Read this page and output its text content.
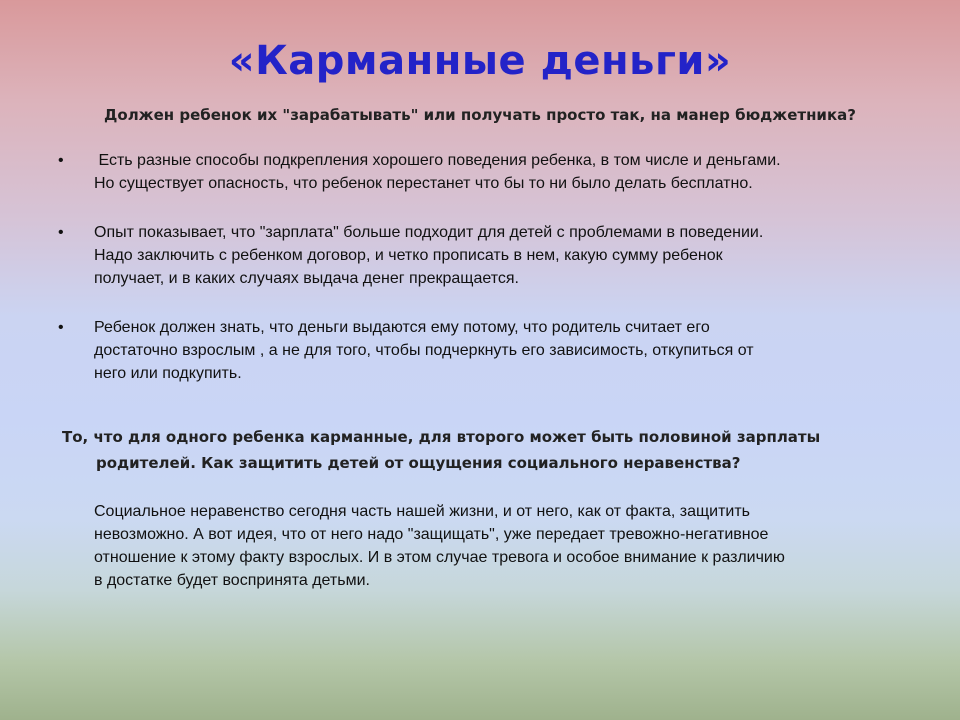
«Карманные деньги»
Должен ребенок их "зарабатывать" или получать просто так, на манер бюджетника?
•	Есть разные способы подкрепления хорошего поведения ребенка, в том числе и деньгами.
Но существует опасность, что ребенок перестанет что бы то ни было делать бесплатно.
•	Опыт показывает, что "зарплата" больше подходит для детей с проблемами в поведении.
Надо заключить с ребенком договор, и четко прописать в нем, какую сумму ребенок
получает, и в каких случаях выдача денег прекращается.
•	Ребенок должен знать, что деньги выдаются ему потому, что родитель считает его
достаточно взрослым , а не для того, чтобы подчеркнуть его зависимость, откупиться от
него или подкупить.
То, что для одного ребенка карманные, для второго может быть половиной зарплаты
родителей. Как защитить детей от ощущения социального неравенства?
Социальное неравенство сегодня часть нашей жизни, и от него, как от факта, защитить
невозможно. А вот идея, что от него надо "защищать", уже передает тревожно-негативное
отношение к этому факту взрослых. И в этом случае тревога и особое внимание к различию
в достатке будет воспринята детьми.
